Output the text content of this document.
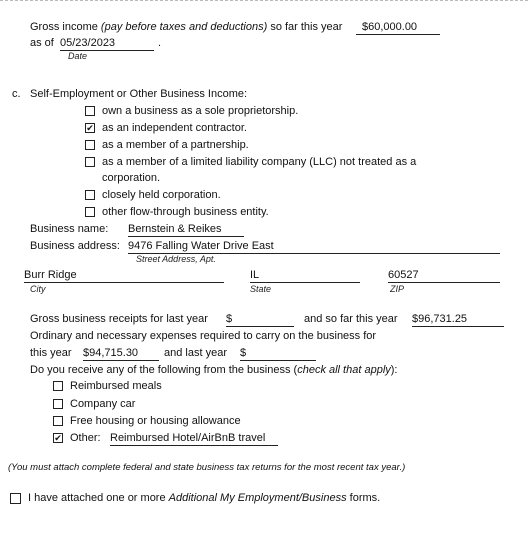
Gross income (pay before taxes and deductions) so far this year	$60,000.00
as of 05/23/2023	.
Date
c. Self-Employment or Other Business Income:
own a business as a sole proprietorship.
✔ as an independent contractor.
as a member of a partnership.
as a member of a limited liability company (LLC) not treated as a
corporation.
closely held corporation.
other flow-through business entity.
Business name: Bernstein & Reikes
Business address: 9476 Falling Water Drive East
Street Address, Apt.
Burr Ridge	IL	60527
City	State	ZIP
Gross business receipts for last year $	and so far this year $96,731.25
Ordinary and necessary expenses required to carry on the business for
this year $94,715.30	and last year $
Do you receive any of the following from the business (check all that apply):
Reimbursed meals
Company car
Free housing or housing allowance
✔ Other: Reimbursed Hotel/AirBnB travel
(You must attach complete federal and state business tax returns for the most recent tax year.)
I have attached one or more Additional My Employment/Business forms.
